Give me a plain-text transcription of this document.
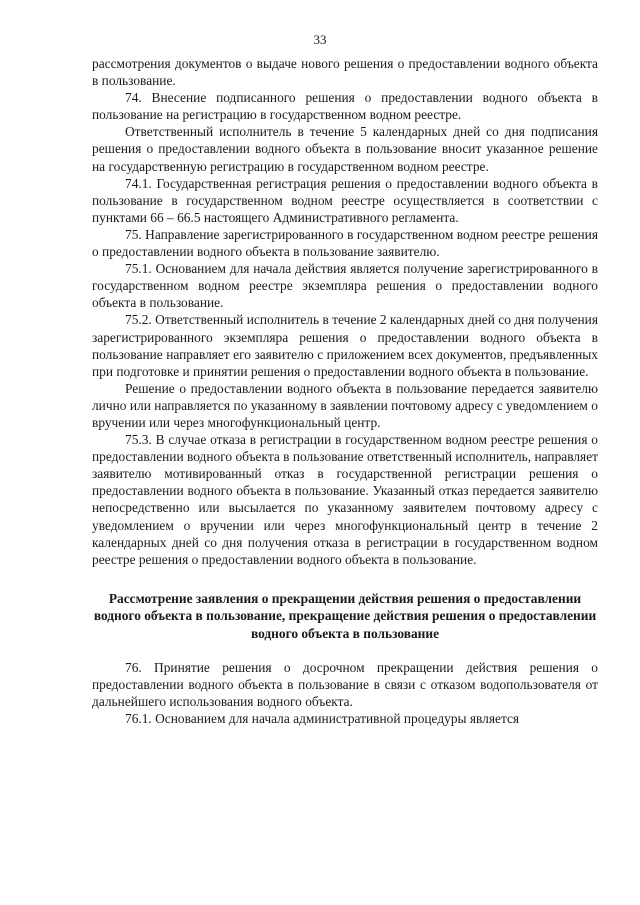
33

рассмотрения документов о выдаче нового решения о предоставлении водного объекта в пользование.

74. Внесение подписанного решения о предоставлении водного объекта в пользование на регистрацию в государственном водном реестре.

Ответственный исполнитель в течение 5 календарных дней со дня подписания решения о предоставлении водного объекта в пользование вносит указанное решение на государственную регистрацию в государственном водном реестре.

74.1. Государственная регистрация решения о предоставлении водного объекта в пользование в государственном водном реестре осуществляется в соответствии с пунктами 66 – 66.5 настоящего Административного регламента.

75. Направление зарегистрированного в государственном водном реестре решения о предоставлении водного объекта в пользование заявителю.

75.1. Основанием для начала действия является получение зарегистрированного в государственном водном реестре экземпляра решения о предоставлении водного объекта в пользование.

75.2. Ответственный исполнитель в течение 2 календарных дней со дня получения зарегистрированного экземпляра решения о предоставлении водного объекта в пользование направляет его заявителю с приложением всех документов, предъявленных при подготовке и принятии решения о предоставлении водного объекта в пользование.

Решение о предоставлении водного объекта в пользование передается заявителю лично или направляется по указанному в заявлении почтовому адресу с уведомлением о вручении или через многофункциональный центр.

75.3. В случае отказа в регистрации в государственном водном реестре решения о предоставлении водного объекта в пользование ответственный исполнитель, направляет заявителю мотивированный отказ в государственной регистрации решения о предоставлении водного объекта в пользование. Указанный отказ передается заявителю непосредственно или высылается по указанному заявителем почтовому адресу с уведомлением о вручении или через многофункциональный центр в течение 2 календарных дней со дня получения отказа в регистрации в государственном водном реестре решения о предоставлении водного объекта в пользование.

Рассмотрение заявления о прекращении действия решения о предоставлении водного объекта в пользование, прекращение действия решения о предоставлении водного объекта в пользование

76. Принятие решения о досрочном прекращении действия решения о предоставлении водного объекта в пользование в связи с отказом водопользователя от дальнейшего использования водного объекта.

76.1. Основанием для начала административной процедуры является
